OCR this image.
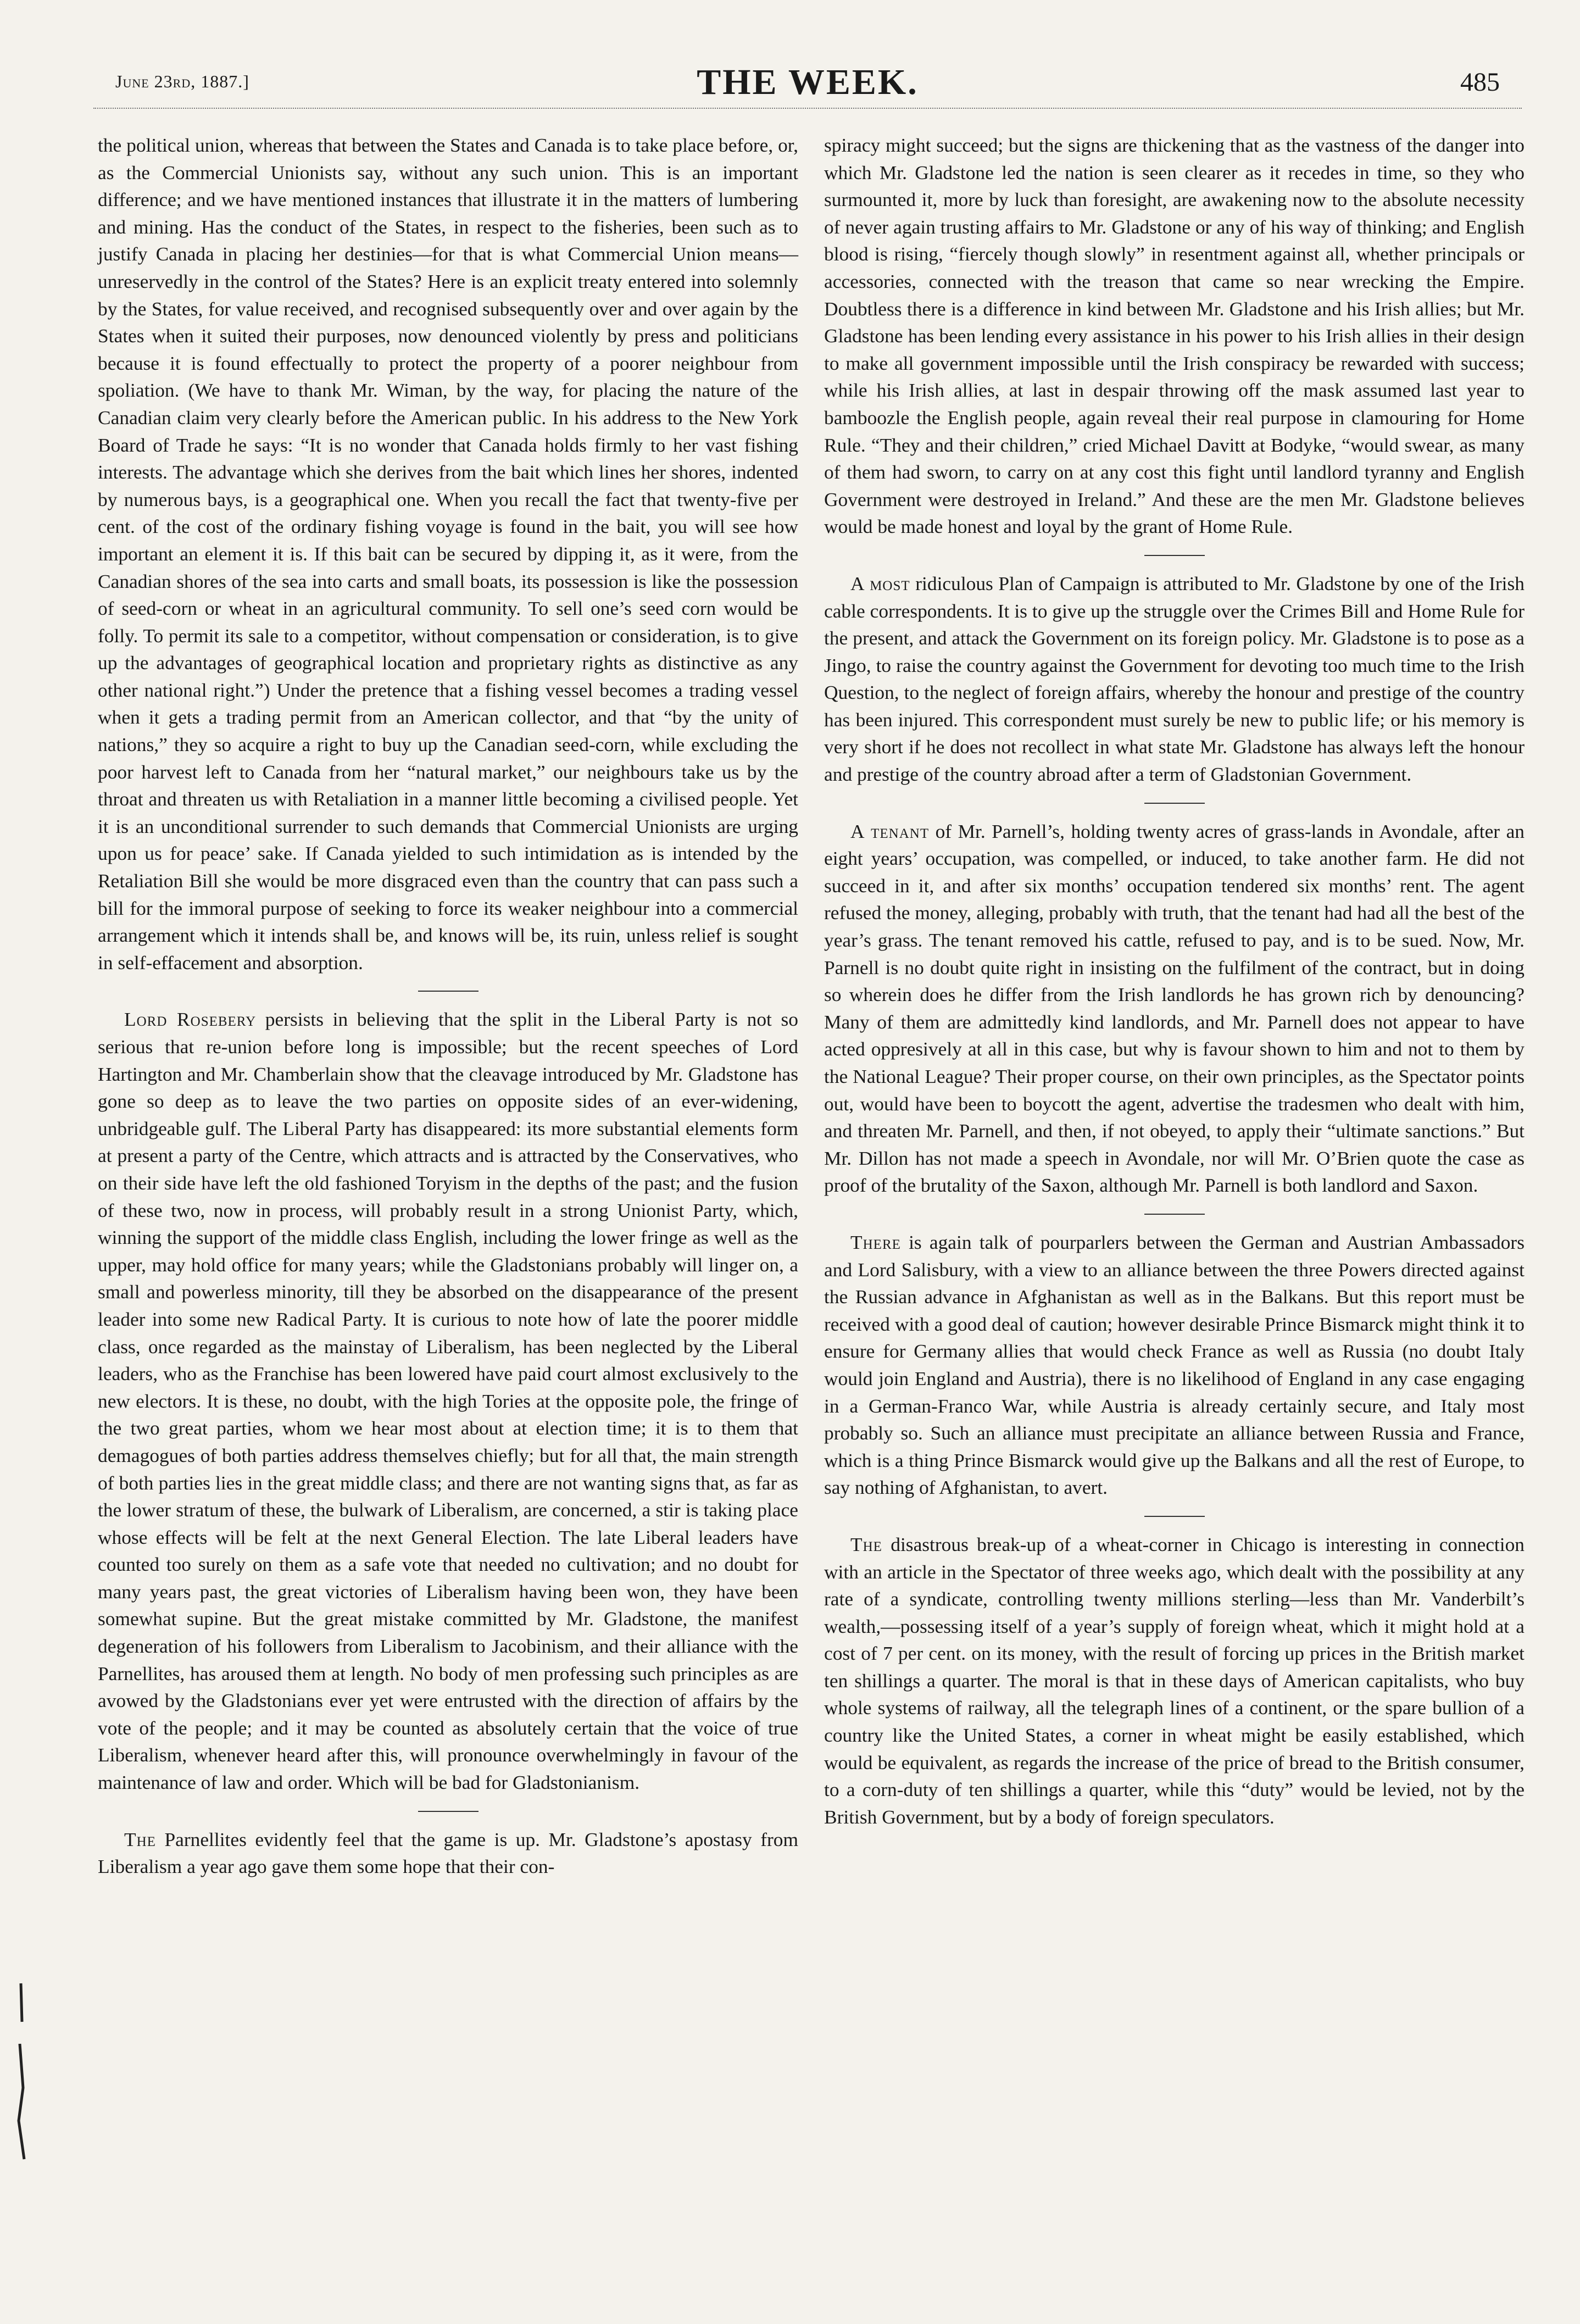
June 23rd, 1887.]	THE WEEK.	485

the political union, whereas that between the States and Canada is to take place before, or, as the Commercial Unionists say, without any such union. This is an important difference; and we have mentioned instances that illustrate it in the matters of lumbering and mining. Has the conduct of the States, in respect to the fisheries, been such as to justify Canada in placing her destinies—for that is what Commercial Union means—unreservedly in the control of the States? Here is an explicit treaty entered into solemnly by the States, for value received, and recognised subsequently over and over again by the States when it suited their purposes, now denounced violently by press and politicians because it is found effectually to protect the property of a poorer neighbour from spoliation. (We have to thank Mr. Wiman, by the way, for placing the nature of the Canadian claim very clearly before the American public. In his address to the New York Board of Trade he says: “It is no wonder that Canada holds firmly to her vast fishing interests. The advantage which she derives from the bait which lines her shores, indented by numerous bays, is a geographical one. When you recall the fact that twenty-five per cent. of the cost of the ordinary fishing voyage is found in the bait, you will see how important an element it is. If this bait can be secured by dipping it, as it were, from the Canadian shores of the sea into carts and small boats, its possession is like the possession of seed-corn or wheat in an agricultural community. To sell one’s seed corn would be folly. To permit its sale to a competitor, without compensation or consideration, is to give up the advantages of geographical location and proprietary rights as distinctive as any other national right.”) Under the pretence that a fishing vessel becomes a trading vessel when it gets a trading permit from an American collector, and that “by the unity of nations,” they so acquire a right to buy up the Canadian seed-corn, while excluding the poor harvest left to Canada from her “natural market,” our neighbours take us by the throat and threaten us with Retaliation in a manner little becoming a civilised people. Yet it is an unconditional surrender to such demands that Commercial Unionists are urging upon us for peace’ sake. If Canada yielded to such intimidation as is intended by the Retaliation Bill she would be more disgraced even than the country that can pass such a bill for the immoral purpose of seeking to force its weaker neighbour into a commercial arrangement which it intends shall be, and knows will be, its ruin, unless relief is sought in self-effacement and absorption.

Lord Rosebery persists in believing that the split in the Liberal Party is not so serious that re-union before long is impossible; but the recent speeches of Lord Hartington and Mr. Chamberlain show that the cleavage introduced by Mr. Gladstone has gone so deep as to leave the two parties on opposite sides of an ever-widening, unbridgeable gulf. The Liberal Party has disappeared: its more substantial elements form at present a party of the Centre, which attracts and is attracted by the Conservatives, who on their side have left the old fashioned Toryism in the depths of the past; and the fusion of these two, now in process, will probably result in a strong Unionist Party, which, winning the support of the middle class English, including the lower fringe as well as the upper, may hold office for many years; while the Gladstonians probably will linger on, a small and powerless minority, till they be absorbed on the disappearance of the present leader into some new Radical Party. It is curious to note how of late the poorer middle class, once regarded as the mainstay of Liberalism, has been neglected by the Liberal leaders, who as the Franchise has been lowered have paid court almost exclusively to the new electors. It is these, no doubt, with the high Tories at the opposite pole, the fringe of the two great parties, whom we hear most about at election time; it is to them that demagogues of both parties address themselves chiefly; but for all that, the main strength of both parties lies in the great middle class; and there are not wanting signs that, as far as the lower stratum of these, the bulwark of Liberalism, are concerned, a stir is taking place whose effects will be felt at the next General Election. The late Liberal leaders have counted too surely on them as a safe vote that needed no cultivation; and no doubt for many years past, the great victories of Liberalism having been won, they have been somewhat supine. But the great mistake committed by Mr. Gladstone, the manifest degeneration of his followers from Liberalism to Jacobinism, and their alliance with the Parnellites, has aroused them at length. No body of men professing such principles as are avowed by the Gladstonians ever yet were entrusted with the direction of affairs by the vote of the people; and it may be counted as absolutely certain that the voice of true Liberalism, whenever heard after this, will pronounce overwhelmingly in favour of the maintenance of law and order. Which will be bad for Gladstonianism.

The Parnellites evidently feel that the game is up. Mr. Gladstone’s apostasy from Liberalism a year ago gave them some hope that their con-

spiracy might succeed; but the signs are thickening that as the vastness of the danger into which Mr. Gladstone led the nation is seen clearer as it recedes in time, so they who surmounted it, more by luck than foresight, are awakening now to the absolute necessity of never again trusting affairs to Mr. Gladstone or any of his way of thinking; and English blood is rising, “fiercely though slowly” in resentment against all, whether principals or accessories, connected with the treason that came so near wrecking the Empire. Doubtless there is a difference in kind between Mr. Gladstone and his Irish allies; but Mr. Gladstone has been lending every assistance in his power to his Irish allies in their design to make all government impossible until the Irish conspiracy be rewarded with success; while his Irish allies, at last in despair throwing off the mask assumed last year to bamboozle the English people, again reveal their real purpose in clamouring for Home Rule. “They and their children,” cried Michael Davitt at Bodyke, “would swear, as many of them had sworn, to carry on at any cost this fight until landlord tyranny and English Government were destroyed in Ireland.” And these are the men Mr. Gladstone believes would be made honest and loyal by the grant of Home Rule.

A most ridiculous Plan of Campaign is attributed to Mr. Gladstone by one of the Irish cable correspondents. It is to give up the struggle over the Crimes Bill and Home Rule for the present, and attack the Government on its foreign policy. Mr. Gladstone is to pose as a Jingo, to raise the country against the Government for devoting too much time to the Irish Question, to the neglect of foreign affairs, whereby the honour and prestige of the country has been injured. This correspondent must surely be new to public life; or his memory is very short if he does not recollect in what state Mr. Gladstone has always left the honour and prestige of the country abroad after a term of Gladstonian Government.

A tenant of Mr. Parnell’s, holding twenty acres of grass-lands in Avondale, after an eight years’ occupation, was compelled, or induced, to take another farm. He did not succeed in it, and after six months’ occupation tendered six months’ rent. The agent refused the money, alleging, probably with truth, that the tenant had had all the best of the year’s grass. The tenant removed his cattle, refused to pay, and is to be sued. Now, Mr. Parnell is no doubt quite right in insisting on the fulfilment of the contract, but in doing so wherein does he differ from the Irish landlords he has grown rich by denouncing? Many of them are admittedly kind landlords, and Mr. Parnell does not appear to have acted oppresively at all in this case, but why is favour shown to him and not to them by the National League? Their proper course, on their own principles, as the Spectator points out, would have been to boycott the agent, advertise the tradesmen who dealt with him, and threaten Mr. Parnell, and then, if not obeyed, to apply their “ultimate sanctions.” But Mr. Dillon has not made a speech in Avondale, nor will Mr. O’Brien quote the case as proof of the brutality of the Saxon, although Mr. Parnell is both landlord and Saxon.

There is again talk of pourparlers between the German and Austrian Ambassadors and Lord Salisbury, with a view to an alliance between the three Powers directed against the Russian advance in Afghanistan as well as in the Balkans. But this report must be received with a good deal of caution; however desirable Prince Bismarck might think it to ensure for Germany allies that would check France as well as Russia (no doubt Italy would join England and Austria), there is no likelihood of England in any case engaging in a German-Franco War, while Austria is already certainly secure, and Italy most probably so. Such an alliance must precipitate an alliance between Russia and France, which is a thing Prince Bismarck would give up the Balkans and all the rest of Europe, to say nothing of Afghanistan, to avert.

The disastrous break-up of a wheat-corner in Chicago is interesting in connection with an article in the Spectator of three weeks ago, which dealt with the possibility at any rate of a syndicate, controlling twenty millions sterling—less than Mr. Vanderbilt’s wealth,—possessing itself of a year’s supply of foreign wheat, which it might hold at a cost of 7 per cent. on its money, with the result of forcing up prices in the British market ten shillings a quarter. The moral is that in these days of American capitalists, who buy whole systems of railway, all the telegraph lines of a continent, or the spare bullion of a country like the United States, a corner in wheat might be easily established, which would be equivalent, as regards the increase of the price of bread to the British consumer, to a corn-duty of ten shillings a quarter, while this “duty” would be levied, not by the British Government, but by a body of foreign speculators.
